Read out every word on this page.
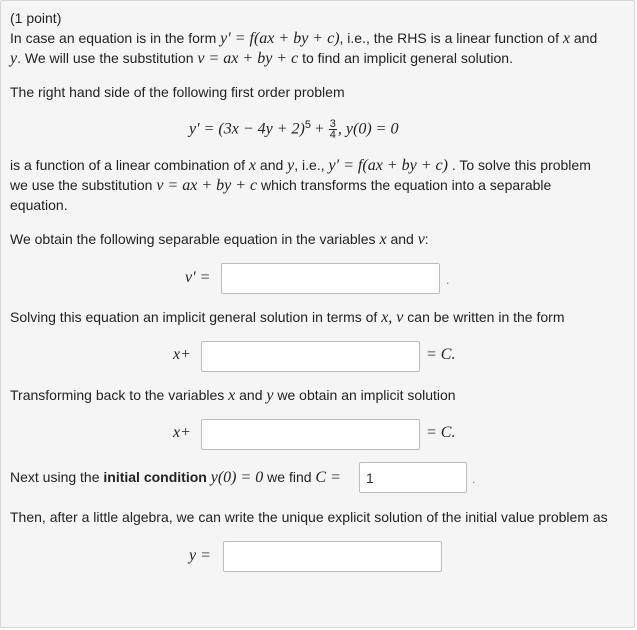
(1 point)
In case an equation is in the form y′ = f(ax + by + c), i.e., the RHS is a linear function of x and
y. We will use the substitution v = ax + by + c to find an implicit general solution.
The right hand side of the following first order problem
$y' = (3x - 4y + 2)^5 + \frac{3}{4}$ , y(0) = 0
is a function of a linear combination of x and y, i.e., y′ = f(ax + by + c) . To solve this problem
we use the substitution v = ax + by + c which transforms the equation into a separable
equation.
We obtain the following separable equation in the variables x and v:
v′ =	.
Solving this equation an implicit general solution in terms of x, v can be written in the form
x+	= C.
Transforming back to the variables x and y we obtain an implicit solution
x+	= C.
Next using the initial condition y(0) = 0 we find C =
1	.
Then, after a little algebra, we can write the unique explicit solution of the initial value problem as
y =
